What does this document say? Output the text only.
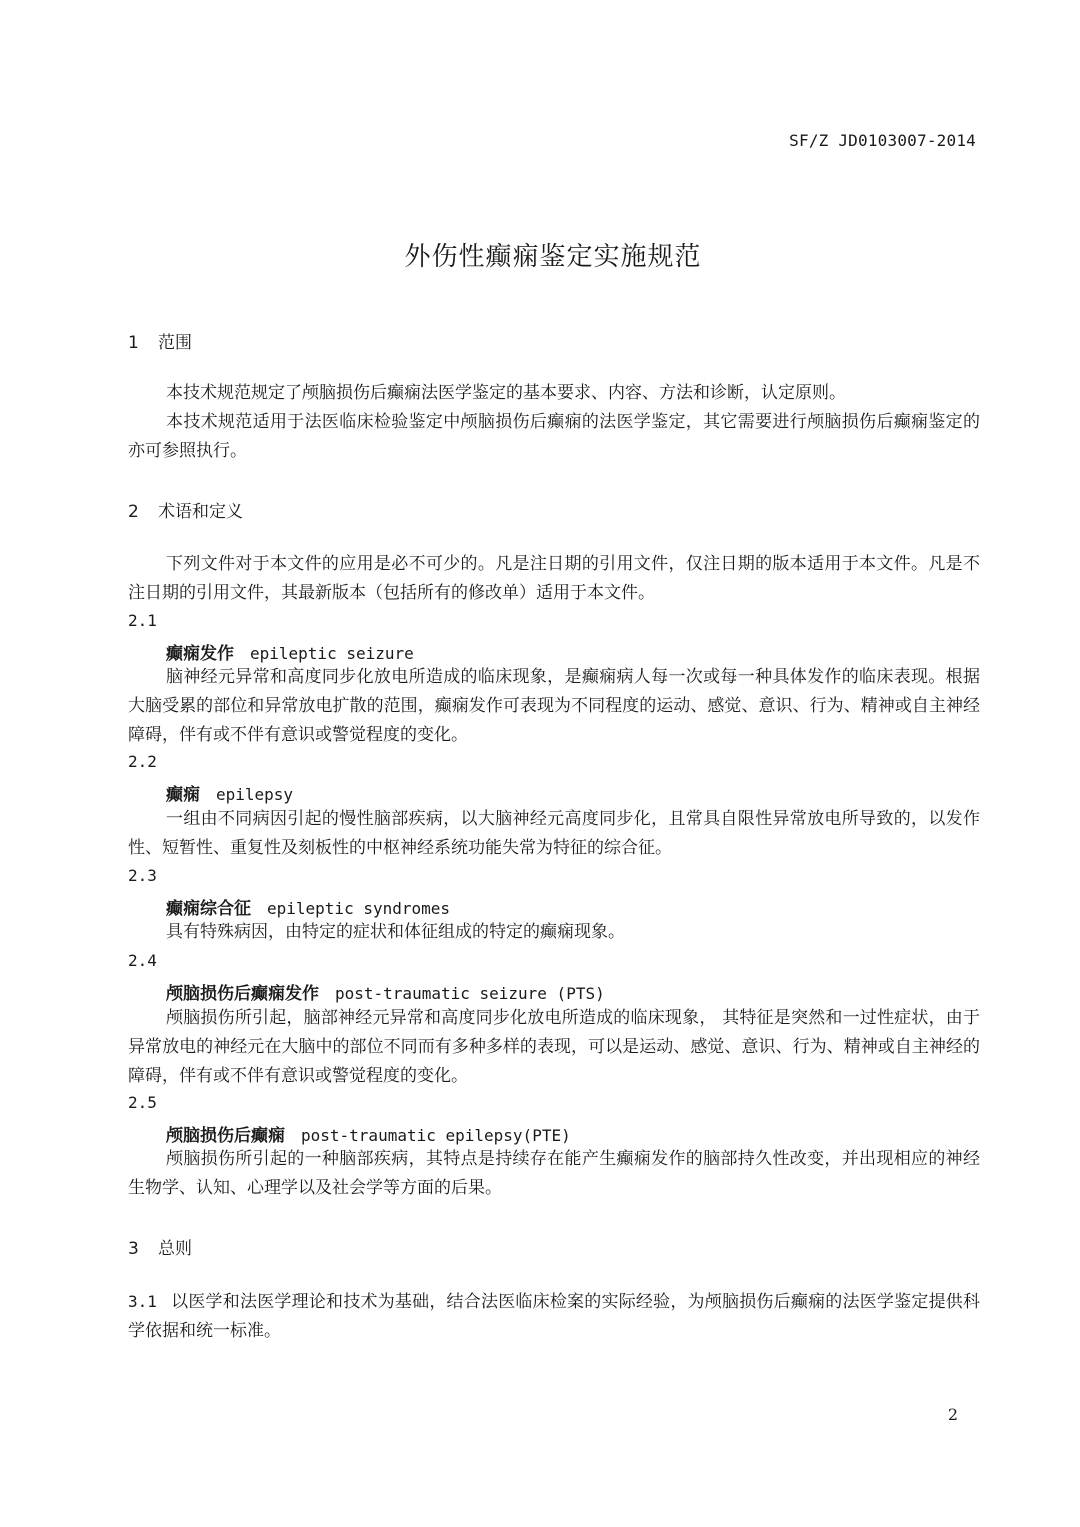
SF/Z JD0103007-2014
外伤性癫痫鉴定实施规范
1 范围

本技术规范规定了颅脑损伤后癫痫法医学鉴定的基本要求、内容、方法和诊断，认定原则。

本技术规范适用于法医临床检验鉴定中颅脑损伤后癫痫的法医学鉴定，其它需要进行颅脑损伤后癫痫鉴定的亦可参照执行。

2 术语和定义

下列文件对于本文件的应用是必不可少的。凡是注日期的引用文件，仅注日期的版本适用于本文件。凡是不注日期的引用文件，其最新版本（包括所有的修改单）适用于本文件。

2.1
癫痫发作 epileptic seizure

脑神经元异常和高度同步化放电所造成的临床现象，是癫痫病人每一次或每一种具体发作的临床表现。根据大脑受累的部位和异常放电扩散的范围，癫痫发作可表现为不同程度的运动、感觉、意识、行为、精神或自主神经障碍，伴有或不伴有意识或警觉程度的变化。

2.2
癫痫 epilepsy

一组由不同病因引起的慢性脑部疾病，以大脑神经元高度同步化，且常具自限性异常放电所导致的，以发作性、短暂性、重复性及刻板性的中枢神经系统功能失常为特征的综合征。

2.3
癫痫综合征 epileptic syndromes

具有特殊病因，由特定的症状和体征组成的特定的癫痫现象。

2.4
颅脑损伤后癫痫发作 post-traumatic seizure (PTS)

颅脑损伤所引起，脑部神经元异常和高度同步化放电所造成的临床现象， 其特征是突然和一过性症状，由于异常放电的神经元在大脑中的部位不同而有多种多样的表现，可以是运动、感觉、意识、行为、精神或自主神经的障碍，伴有或不伴有意识或警觉程度的变化。

2.5
颅脑损伤后癫痫 post-traumatic epilepsy(PTE)

颅脑损伤所引起的一种脑部疾病，其特点是持续存在能产生癫痫发作的脑部持久性改变，并出现相应的神经生物学、认知、心理学以及社会学等方面的后果。

3 总则

3.1 以医学和法医学理论和技术为基础，结合法医临床检案的实际经验，为颅脑损伤后癫痫的法医学鉴定提供科学依据和统一标准。

2
